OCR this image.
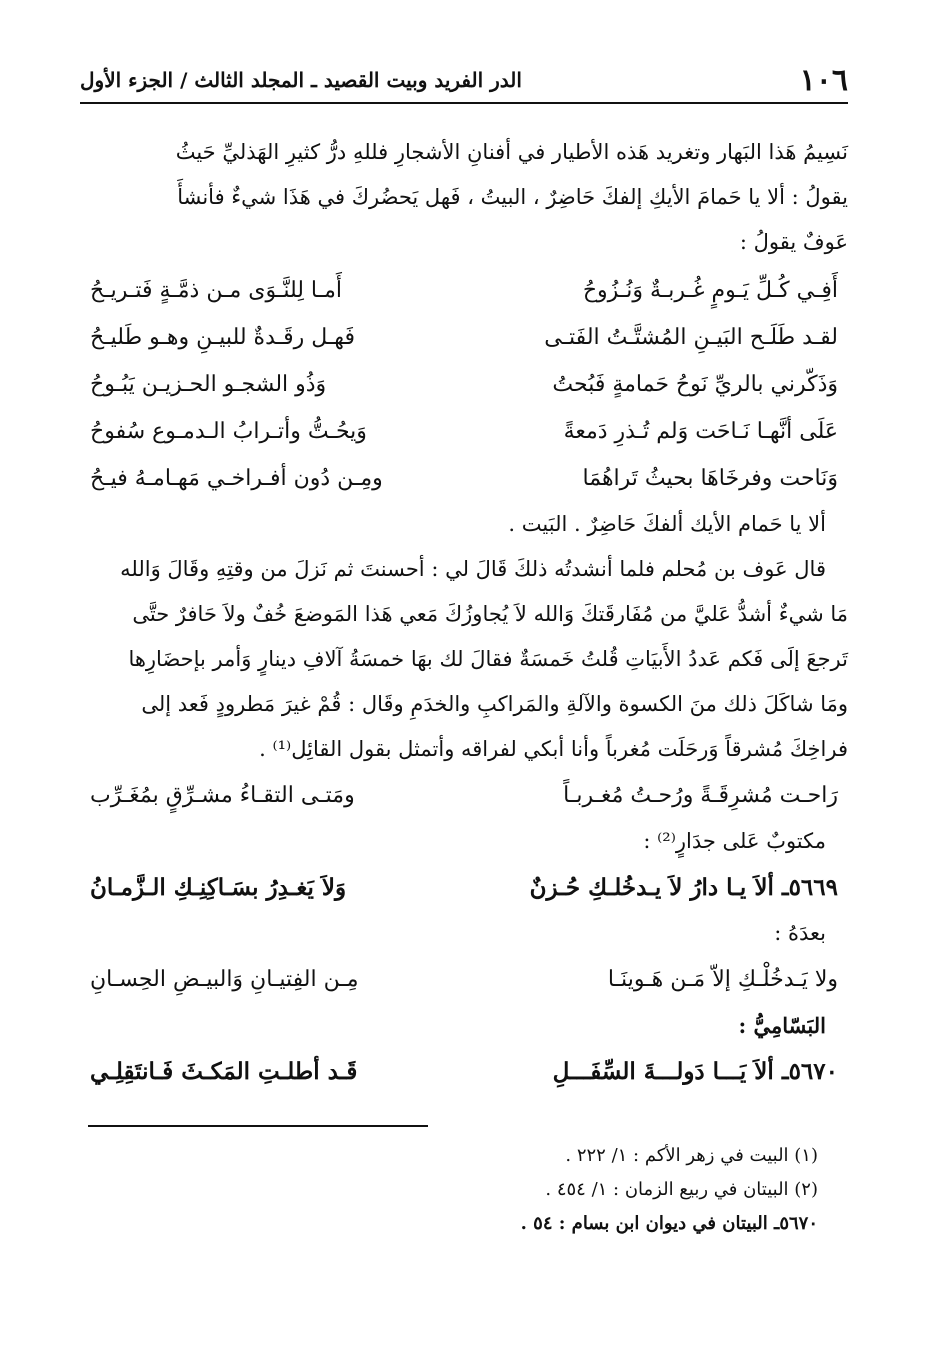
١٠٦
الدر الفريد وبيت القصيد ـ المجلد الثالث / الجزء الأول

نَسِيمُ هَذا البَهار وتغريد هَذه الأطيار في أفنانِ الأشجارِ فللهِ درُّ كثيرِ الهَذليِّ حَيثُ

يقولُ : ألا يا حَمامَ الأيكِ إلفكَ حَاضِرٌ ، البيتُ ، فَهل يَحضُركَ في هَذَا شيءٌ فأنشأَ

عَوفٌ يقولُ :

أَفِـي كُـلِّ يَـومٍ غُـربـةٌ وَنُـزُوحُ
أَمـا لِلنَّـوَى مـن ذمَّـةٍ فَتـريـحُ
لقـد طَلَـح البَيـنِ المُشتَّـتُ الفَتـى
فَهـل رقَـدةٌ للبيـنِ وهـو طَليـحُ
وَذَكّرني بالريِّ نَوحُ حَمامةٍ فَبُحتُ
وَذُو الشجـو الحـزيـن يَبُـوحُ
عَلَى أنَّهـا نَـاحَت وَلم تُـذرِ دَمعةً
وَيحُـتُّ وأتـرابُ الـدمـوع سُفوحُ
وَنَاحت وفرخَاهَا بحيثُ تَراهُمَا
ومِـن دُون أفـراخـي مَهـامـهُ فيـحُ

ألا يا حَمام الأيك ألفكَ حَاضِرٌ . البَيت .

قال عَوف بن مُحلم فلما أنشدتُه ذلكَ قَالَ لي : أحسنتَ ثم نَزلَ من وقتِهِ وقَالَ وَالله

مَا شيءٌ أشدُّ عَليَّ من مُفَارقَتكَ وَالله لاَ يُجاوزُكَ مَعي هَذا المَوضعَ خُفٌ ولاَ حَافرٌ حتَّى

تَرجعَ إلَى فَكم عَددُ الأَبيَاتِ قُلتُ خَمسَةٌ فقالَ لك بهَا خمسَةُ آلافِ دينارٍ وَأمر بإحضَارِها

ومَا شاكَلَ ذلك منَ الكسوة والآلةِ والمَراكبِ والخدَمِ وقَال : قُمْ غيرَ مَطرودٍ فَعد إلى

فراخِكَ مُشرقاً وَرحَلَت مُغرباً وأنا أبكي لفراقه وأتمثل بقول القائِل⁽¹⁾ .

رَاحـت مُشرِقَـةً ورُحـتُ مُغـربـاً
ومَتـى التقـاءُ مشـرِّقٍ بمُغَـرِّب

مكتوبٌ عَلى جدَارٍ⁽²⁾ :

٥٦٦٩ـ ألاَ يـا دارُ لاَ يـدخُلـكِ حُـزنٌ
وَلاَ يَغـدِرُ بسَـاكِنِـكِ الـزَّمـانُ

بعدَهُ :

ولا يَـدخُلْـكِ إلاّ مَـن هَـوينَـا
مِـن الفِتيـانِ وَالبيـضِ الحِسـانِ

البَسّامِيُّ :

٥٦٧٠ـ ألاَ يَـــا دَولـــةَ السِّفَـــلِ
قَـد أطلـتِ المَكـثَ فَـانتَقِلِـي
(١) البيت في زهر الأكم : ١/ ٢٢٢ .
(٢) البيتان في ربيع الزمان : ١/ ٤٥٤ .
٥٦٧٠ـ البيتان في ديوان ابن بسام : ٥٤ .
